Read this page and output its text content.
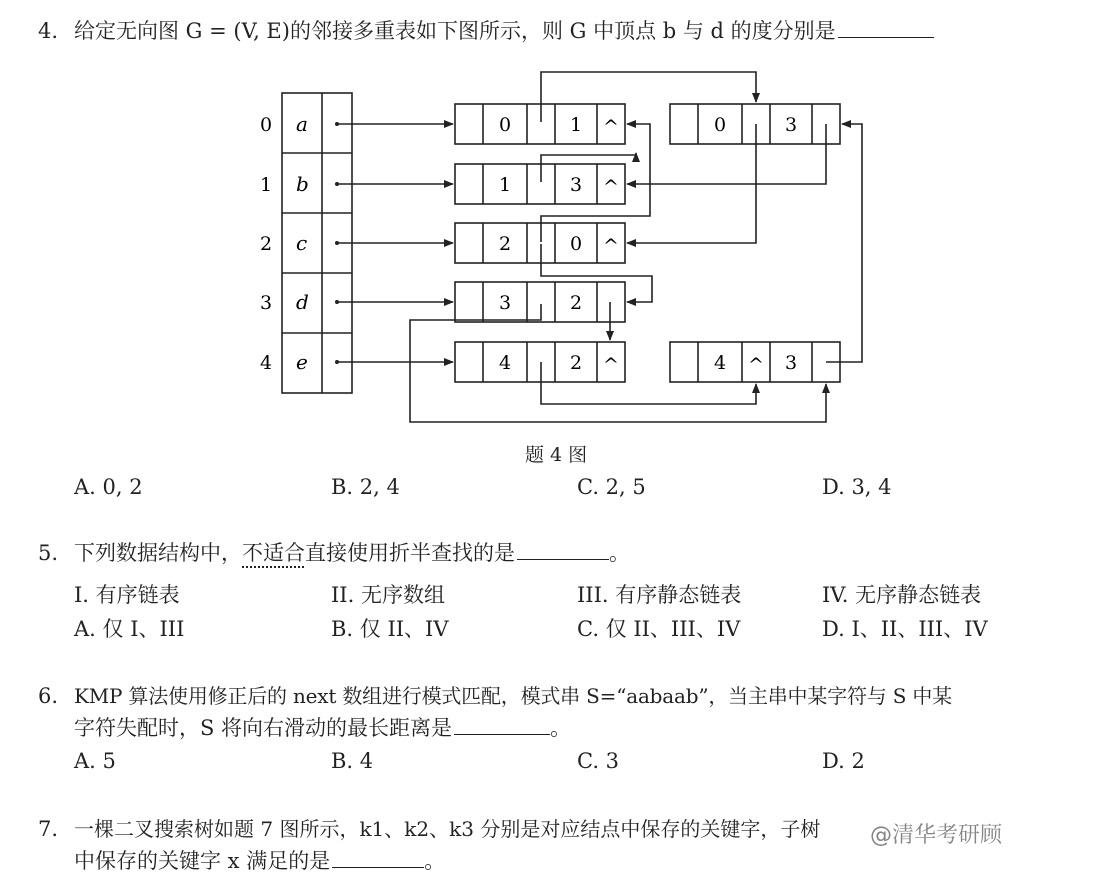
4. 给定无向图 G = (V, E)的邻接多重表如下图所示，则 G 中顶点 b 与 d 的度分别是
0
1
2
3
4
a
b
c
d
e
0	1 ^	0	3
1	3 ^
2	0 ^
3	2
4	2 ^	4 ^ 3
题 4 图
A. 0, 2	B. 2, 4	C. 2, 5	D. 3, 4
5. 下列数据结构中，不适合直接使用折半查找的是	。
I. 有序链表	II. 无序数组	III. 有序静态链表	IV. 无序静态链表
A. 仅 I、III	B. 仅 II、IV	C. 仅 II、III、IV	D. I、II、III、IV
6. KMP 算法使用修正后的 next 数组进行模式匹配，模式串 S=“aabaab”，当主串中某字符与 S 中某
字符失配时，S 将向右滑动的最长距离是	。
A. 5	B. 4	C. 3	D. 2
7. 一棵二叉搜索树如题 7 图所示，k1、k2、k3 分别是对应结点中保存的关键字，子树
中保存的关键字 x 满足的是	。
@清华考研顾
